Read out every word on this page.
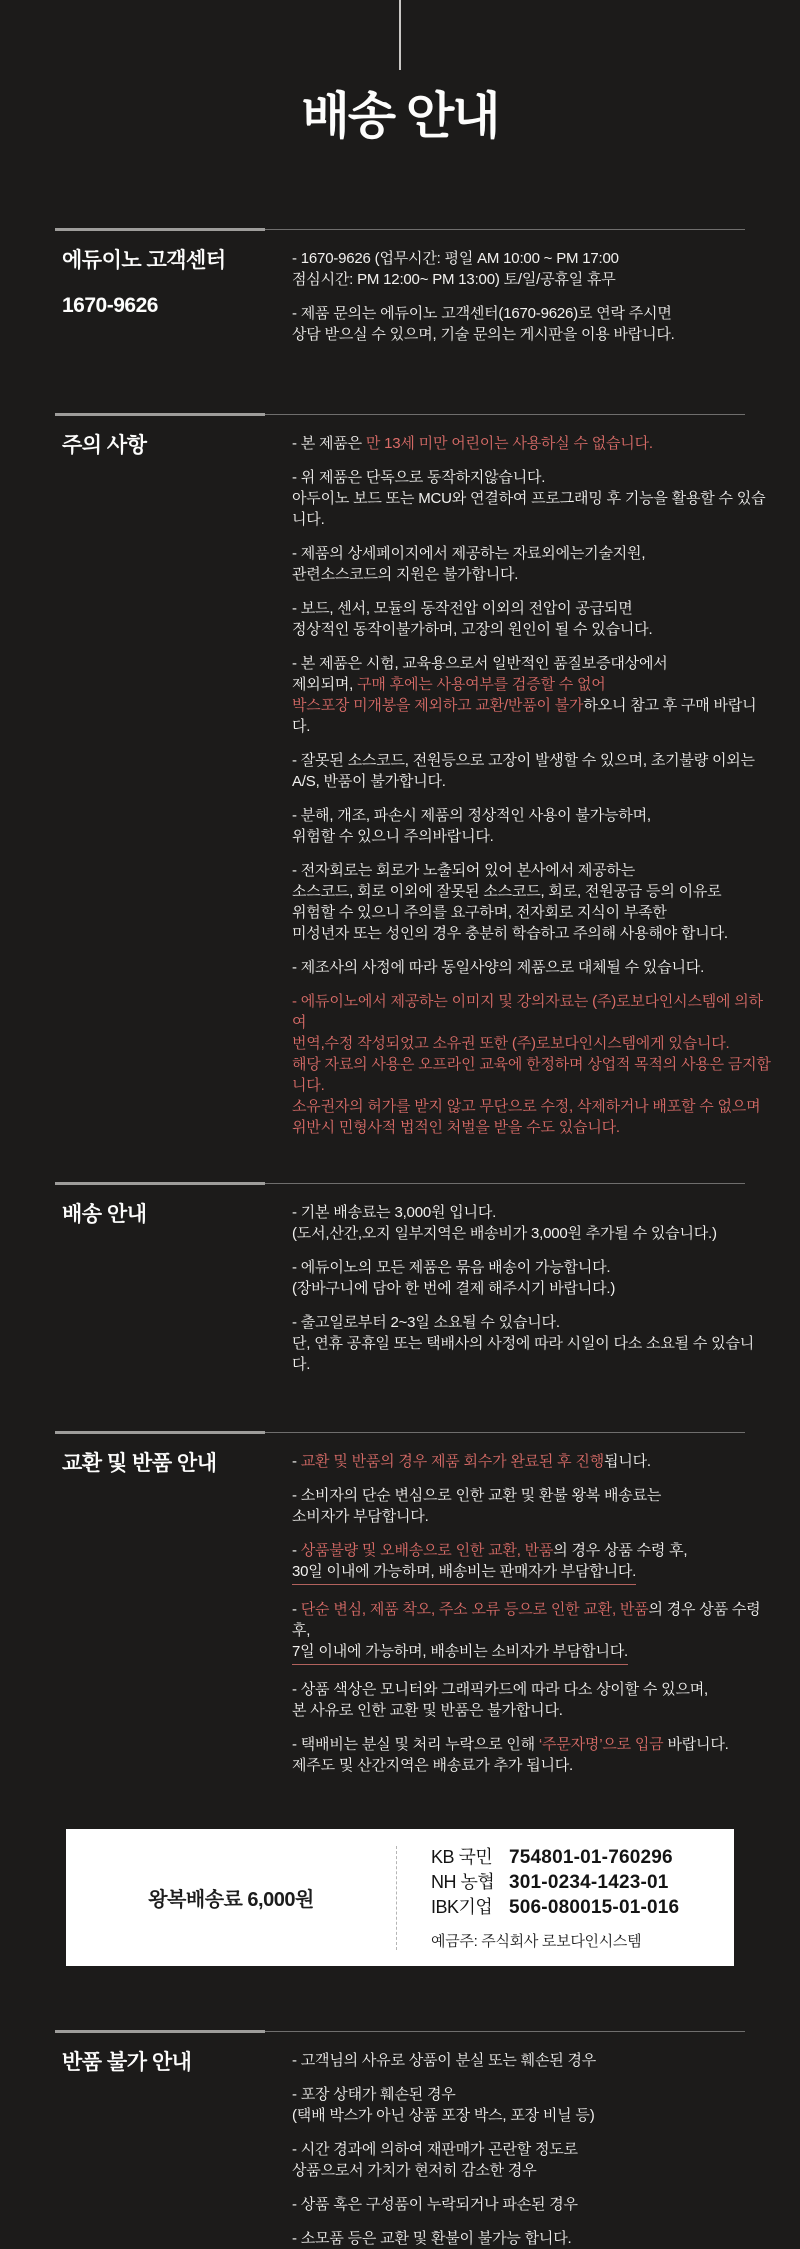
배송 안내
에듀이노 고객센터
1670-9626
- 1670-9626 (업무시간: 평일 AM 10:00 ~ PM 17:00
점심시간: PM 12:00~ PM 13:00) 토/일/공휴일 휴무
- 제품 문의는 에듀이노 고객센터(1670-9626)로 연락 주시면
상담 받으실 수 있으며, 기술 문의는 게시판을 이용 바랍니다.
주의 사항	- 본 제품은 만 13세 미만 어린이는 사용하실 수 없습니다.
- 위 제품은 단독으로 동작하지않습니다.
아두이노 보드 또는 MCU와 연결하여 프로그래밍 후 기능을 활용할 수 있습니다.
- 제품의 상세페이지에서 제공하는 자료외에는기술지원,
관련소스코드의 지원은 불가합니다.
- 보드, 센서, 모듈의 동작전압 이외의 전압이 공급되면
정상적인 동작이불가하며, 고장의 원인이 될 수 있습니다.
- 본 제품은 시험, 교육용으로서 일반적인 품질보증대상에서
제외되며, 구매 후에는 사용여부를 검증할 수 없어
박스포장 미개봉을 제외하고 교환/반품이 불가하오니 참고 후 구매 바랍니다.
- 잘못된 소스코드, 전원등으로 고장이 발생할 수 있으며, 초기불량 이외는
A/S, 반품이 불가합니다.
- 분해, 개조, 파손시 제품의 정상적인 사용이 불가능하며,
위험할 수 있으니 주의바랍니다.
- 전자회로는 회로가 노출되어 있어 본사에서 제공하는
소스코드, 회로 이외에 잘못된 소스코드, 회로, 전원공급 등의 이유로
위험할 수 있으니 주의를 요구하며, 전자회로 지식이 부족한
미성년자 또는 성인의 경우 충분히 학습하고 주의해 사용해야 합니다.
- 제조사의 사정에 따라 동일사양의 제품으로 대체될 수 있습니다.
- 에듀이노에서 제공하는 이미지 및 강의자료는 (주)로보다인시스템에 의하여
번역,수정 작성되었고 소유권 또한 (주)로보다인시스템에게 있습니다.
해당 자료의 사용은 오프라인 교육에 한정하며 상업적 목적의 사용은 금지합니다.
소유권자의 허가를 받지 않고 무단으로 수정, 삭제하거나 배포할 수 없으며
위반시 민형사적 법적인 처벌을 받을 수도 있습니다.
배송 안내	- 기본 배송료는 3,000원 입니다.
(도서,산간,오지 일부지역은 배송비가 3,000원 추가될 수 있습니다.)
- 에듀이노의 모든 제품은 묶음 배송이 가능합니다.
(장바구니에 담아 한 번에 결제 해주시기 바랍니다.)
- 출고일로부터 2~3일 소요될 수 있습니다.
단, 연휴 공휴일 또는 택배사의 사정에 따라 시일이 다소 소요될 수 있습니다.
교환 및 반품 안내	- 교환 및 반품의 경우 제품 회수가 완료된 후 진행됩니다.
- 소비자의 단순 변심으로 인한 교환 및 환불 왕복 배송료는
소비자가 부담합니다.
- 상품불량 및 오배송으로 인한 교환, 반품의 경우 상품 수령 후,
30일 이내에 가능하며, 배송비는 판매자가 부담합니다.
- 단순 변심, 제품 착오, 주소 오류 등으로 인한 교환, 반품의 경우 상품 수령 후,
7일 이내에 가능하며, 배송비는 소비자가 부담합니다.
- 상품 색상은 모니터와 그래픽카드에 따라 다소 상이할 수 있으며,
본 사유로 인한 교환 및 반품은 불가합니다.
- 택배비는 분실 및 처리 누락으로 인해 ‘주문자명’으로 입금 바랍니다.
제주도 및 산간지역은 배송료가 추가 됩니다.
왕복배송료 6,000원
KB 국민 754801-01-760296
NH 농협 301-0234-1423-01
IBK기업 506-080015-01-016
예금주: 주식회사 로보다인시스템
반품 불가 안내	- 고객님의 사유로 상품이 분실 또는 훼손된 경우
- 포장 상태가 훼손된 경우
(택배 박스가 아닌 상품 포장 박스, 포장 비닐 등)
- 시간 경과에 의하여 재판매가 곤란할 정도로
상품으로서 가치가 현저히 감소한 경우
- 상품 혹은 구성품이 누락되거나 파손된 경우
- 소모품 등은 교환 및 환불이 불가능 합니다.
